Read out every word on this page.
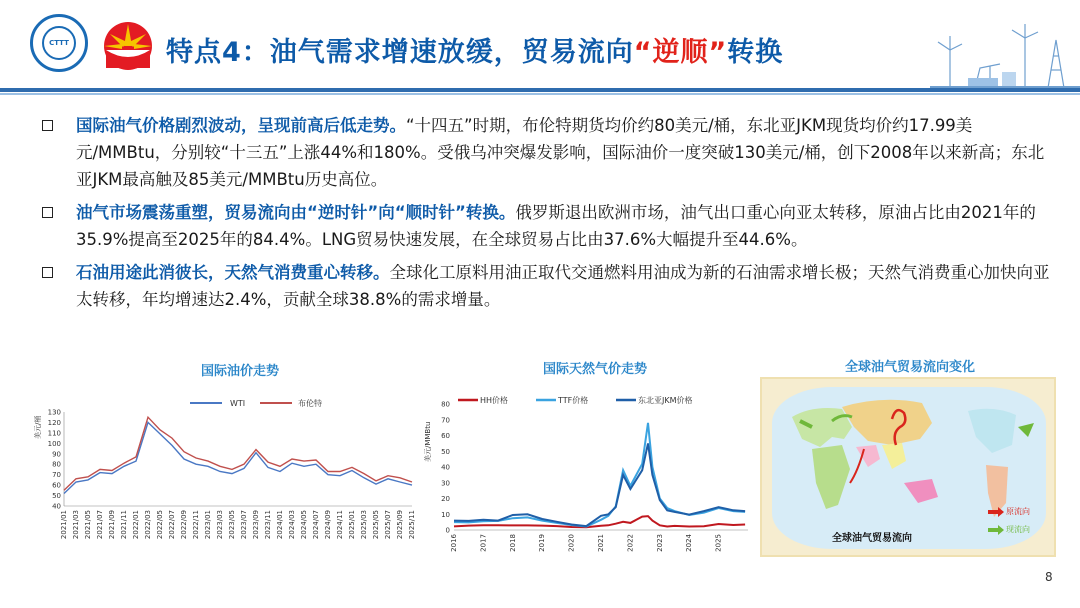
CTTT	特点4：油气需求增速放缓，贸易流向“逆顺”转换
国际油气价格剧烈波动，呈现前高后低走势。“十四五”时期，布伦特期货均价约80美元/桶，东北亚JKM现货均价约17.99美元/MMBtu，分别较“十三五”上涨44%和180%。受俄乌冲突爆发影响，国际油价一度突破130美元/桶，创下2008年以来新高；东北亚JKM最高触及85美元/MMBtu历史高位。
油气市场震荡重塑，贸易流向由“逆时针”向“顺时针”转换。俄罗斯退出欧洲市场，油气出口重心向亚太转移，原油占比由2021年的35.9%提高至2025年的84.4%。LNG贸易快速发展，在全球贸易占比由37.6%大幅提升至44.6%。
石油用途此消彼长，天然气消费重心转移。全球化工原料用油正取代交通燃料用油成为新的石油需求增长极；天然气消费重心加快向亚太转移，年均增速达2.4%，贡献全球38.8%的需求增量。
国际油价走势
WTI	布伦特
美元/桶
40
50
60
70
80
90
100
110
120
130
2021/01 2021/03 2021/05 2021/07 2021/09 2021/11 2022/01 2022/03 2022/05 2022/07 2022/09 2022/11 2023/01 2023/03 2023/05 2023/07 2023/09 2023/11 2024/01 2024/03 2024/05 2024/07 2024/09 2024/11 2025/01 2025/03 2025/05 2025/07 2025/09 2025/11
国际天然气价走势
HH价格	TTF价格	东北亚JKM价格
美元/MMBtu
0
10
20
30
40
50
60
70
80
2016	2017	2018	2019	2020	2021	2022	2023	2024	2025
全球油气贸易流向变化
全球油气贸易流向
原流向
现流向
8
